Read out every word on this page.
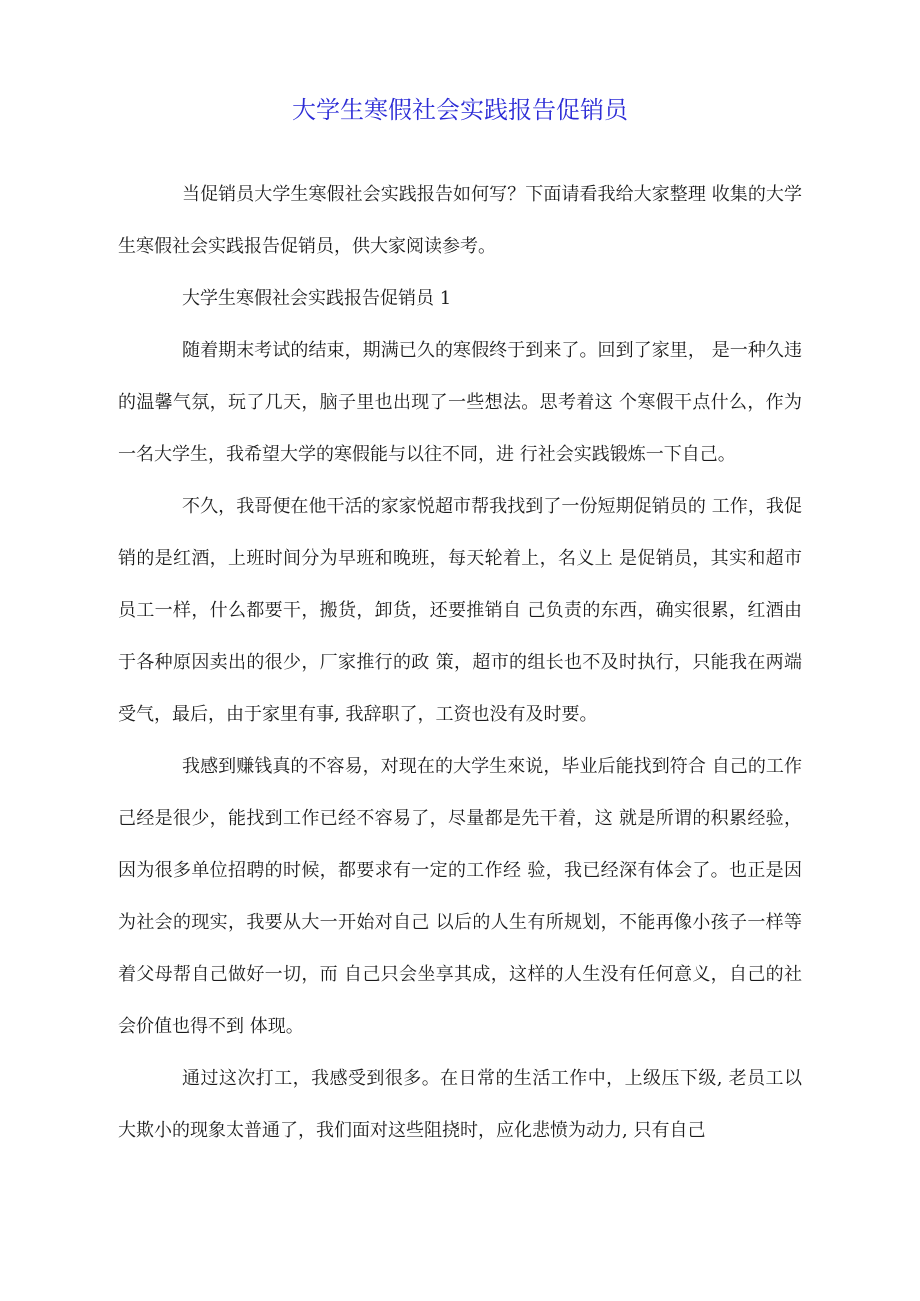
大学生寒假社会实践报告促销员

当促销员大学生寒假社会实践报告如何写？下面请看我给大家整理 收集的大学生寒假社会实践报告促销员，供大家阅读参考。

大学生寒假社会实践报告促销员 1

随着期末考试的结束，期满已久的寒假终于到来了。回到了家里， 是一种久违的温馨气氛，玩了几天，脑子里也出现了一些想法。思考着这 个寒假干点什么，作为一名大学生，我希望大学的寒假能与以往不同，进 行社会实践锻炼一下自己。

不久，我哥便在他干活的家家悦超市帮我找到了一份短期促销员的 工作，我促销的是红酒，上班时间分为早班和晚班，每天轮着上，名义上 是促销员，其实和超市员工一样，什么都要干，搬货，卸货，还要推销自 己负责的东西，确实很累，红酒由于各种原因卖出的很少，厂家推行的政 策，超市的组长也不及时执行，只能我在两端受气，最后，由于家里有事, 我辞职了，工资也没有及时要。

我感到赚钱真的不容易，对现在的大学生來说，毕业后能找到符合 自己的工作己经是很少，能找到工作已经不容易了，尽量都是先干着，这 就是所谓的积累经验，因为很多单位招聘的时候，都要求有一定的工作经 验，我已经深有体会了。也正是因为社会的现实，我要从大一开始对自己 以后的人生有所规划，不能再像小孩子一样等着父母帮自己做好一切，而 自己只会坐享其成，这样的人生没有任何意义，自己的社会价值也得不到 体现。

通过这次打工，我感受到很多。在日常的生活工作中，上级压下级, 老员工以大欺小的现象太普通了，我们面对这些阻挠时，应化悲愤为动力, 只有自己
